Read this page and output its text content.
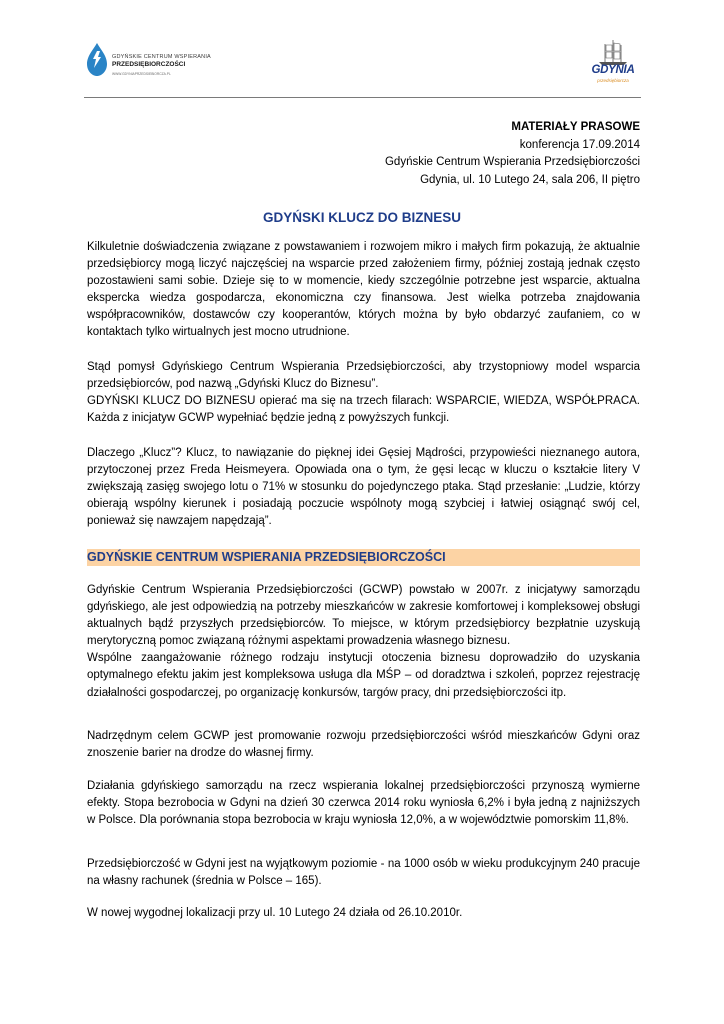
GDYŃSKIE CENTRUM WSPIERANIA
PRZEDSIĘBIORCZOŚCI
WWW.GDYNIAPRZEDSIEBIORCZA.PL	GDYNIA
przedsiębiorcza
MATERIAŁY PRASOWE
konferencja 17.09.2014
Gdyńskie Centrum Wspierania Przedsiębiorczości
Gdynia, ul. 10 Lutego 24, sala 206, II piętro
GDYŃSKI KLUCZ DO BIZNESU

Kilkuletnie doświadczenia związane z powstawaniem i rozwojem mikro i małych firm pokazują, że aktualnie przedsiębiorcy mogą liczyć najczęściej na wsparcie przed założeniem firmy, później zostają jednak często pozostawieni sami sobie. Dzieje się to w momencie, kiedy szczególnie potrzebne jest wsparcie, aktualna ekspercka wiedza gospodarcza, ekonomiczna czy finansowa. Jest wielka potrzeba znajdowania współpracowników, dostawców czy kooperantów, których można by było obdarzyć zaufaniem, co w kontaktach tylko wirtualnych jest mocno utrudnione.

Stąd pomysł Gdyńskiego Centrum Wspierania Przedsiębiorczości, aby trzystopniowy model wsparcia przedsiębiorców, pod nazwą „Gdyński Klucz do Biznesu”.

GDYŃSKI KLUCZ DO BIZNESU opierać ma się na trzech filarach: WSPARCIE, WIEDZA, WSPÓŁPRACA. Każda z inicjatyw GCWP wypełniać będzie jedną z powyższych funkcji.

Dlaczego „Klucz”? Klucz, to nawiązanie do pięknej idei Gęsiej Mądrości, przypowieści nieznanego autora, przytoczonej przez Freda Heismeyera. Opowiada ona o tym, że gęsi lecąc w kluczu o kształcie litery V zwiększają zasięg swojego lotu o 71% w stosunku do pojedynczego ptaka. Stąd przesłanie: „Ludzie, którzy obierają wspólny kierunek i posiadają poczucie wspólnoty mogą szybciej i łatwiej osiągnąć swój cel, ponieważ się nawzajem napędzają”.

GDYŃSKIE CENTRUM WSPIERANIA PRZEDSIĘBIORCZOŚCI

Gdyńskie Centrum Wspierania Przedsiębiorczości (GCWP) powstało w 2007r. z inicjatywy samorządu gdyńskiego, ale jest odpowiedzią na potrzeby mieszkańców w zakresie komfortowej i kompleksowej obsługi aktualnych bądź przyszłych przedsiębiorców. To miejsce, w którym przedsiębiorcy bezpłatnie uzyskują merytoryczną pomoc związaną różnymi aspektami prowadzenia własnego biznesu.

Wspólne zaangażowanie różnego rodzaju instytucji otoczenia biznesu doprowadziło do uzyskania optymalnego efektu jakim jest kompleksowa usługa dla MŚP – od doradztwa i szkoleń, poprzez rejestrację działalności gospodarczej, po organizację konkursów, targów pracy, dni przedsiębiorczości itp.

Nadrzędnym celem GCWP jest promowanie rozwoju przedsiębiorczości wśród mieszkańców Gdyni oraz znoszenie barier na drodze do własnej firmy.

Działania gdyńskiego samorządu na rzecz wspierania lokalnej przedsiębiorczości przynoszą wymierne efekty. Stopa bezrobocia w Gdyni na dzień 30 czerwca 2014 roku wyniosła 6,2% i była jedną z najniższych w Polsce. Dla porównania stopa bezrobocia w kraju wyniosła 12,0%, a w województwie pomorskim 11,8%.

Przedsiębiorczość w Gdyni jest na wyjątkowym poziomie - na 1000 osób w wieku produkcyjnym 240 pracuje na własny rachunek (średnia w Polsce – 165).

W nowej wygodnej lokalizacji przy ul. 10 Lutego 24 działa od 26.10.2010r.
